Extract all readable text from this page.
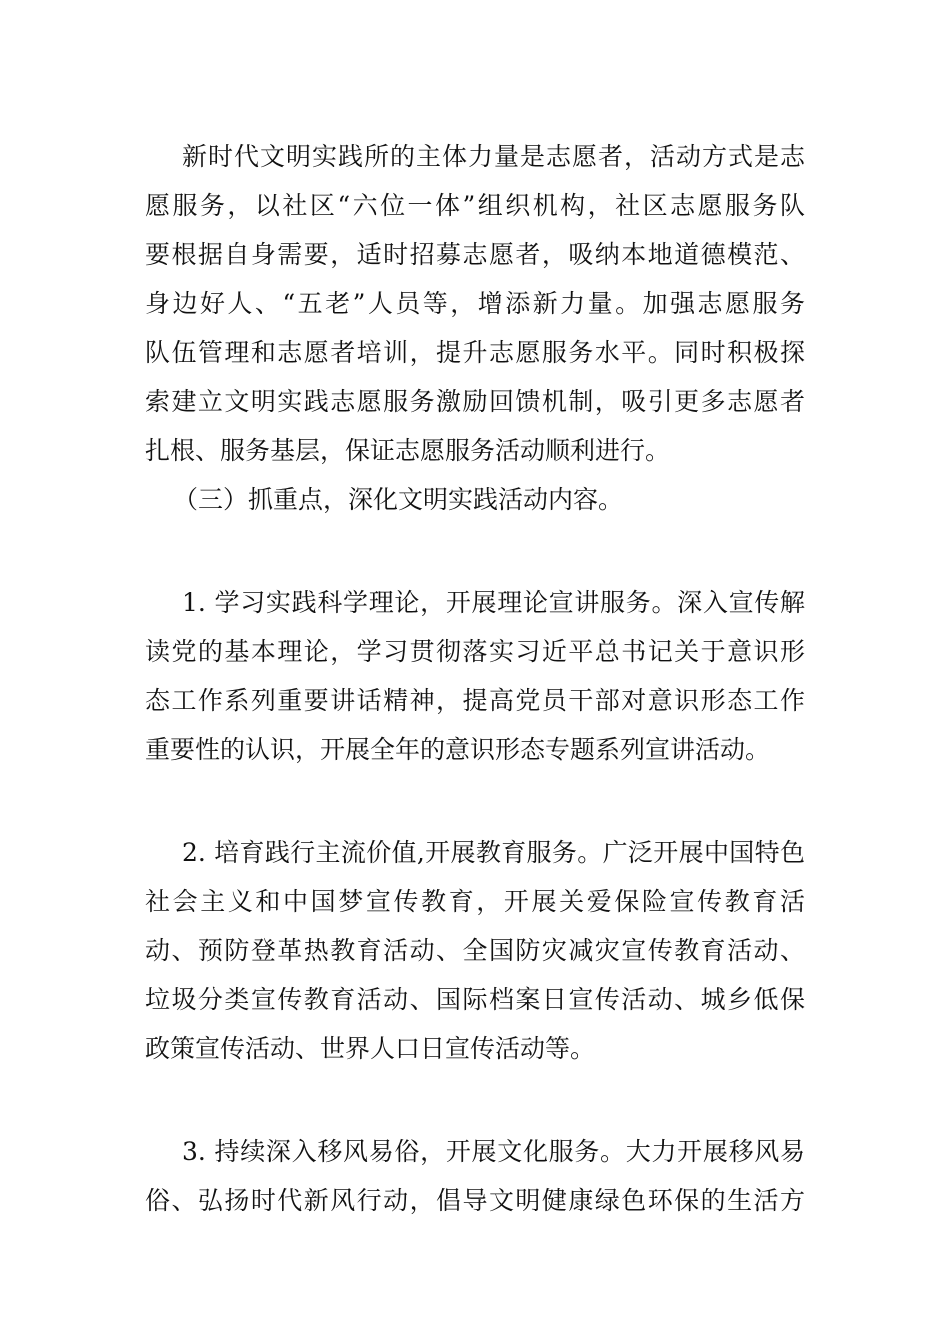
新时代文明实践所的主体力量是志愿者，活动方式是志
愿服务，以社区“六位一体”组织机构，社区志愿服务队
要根据自身需要，适时招募志愿者，吸纳本地道德模范、
身边好人、“五老”人员等，增添新力量。加强志愿服务
队伍管理和志愿者培训，提升志愿服务水平。同时积极探
索建立文明实践志愿服务激励回馈机制，吸引更多志愿者
扎根、服务基层，保证志愿服务活动顺利进行。
（三）抓重点，深化文明实践活动内容。
1. 学习实践科学理论，开展理论宣讲服务。深入宣传解
读党的基本理论，学习贯彻落实习近平总书记关于意识形
态工作系列重要讲话精神，提高党员干部对意识形态工作
重要性的认识，开展全年的意识形态专题系列宣讲活动。
2. 培育践行主流价值,开展教育服务。广泛开展中国特色
社会主义和中国梦宣传教育，开展关爱保险宣传教育活
动、预防登革热教育活动、全国防灾减灾宣传教育活动、
垃圾分类宣传教育活动、国际档案日宣传活动、城乡低保
政策宣传活动、世界人口日宣传活动等。
3. 持续深入移风易俗，开展文化服务。大力开展移风易
俗、弘扬时代新风行动，倡导文明健康绿色环保的生活方
